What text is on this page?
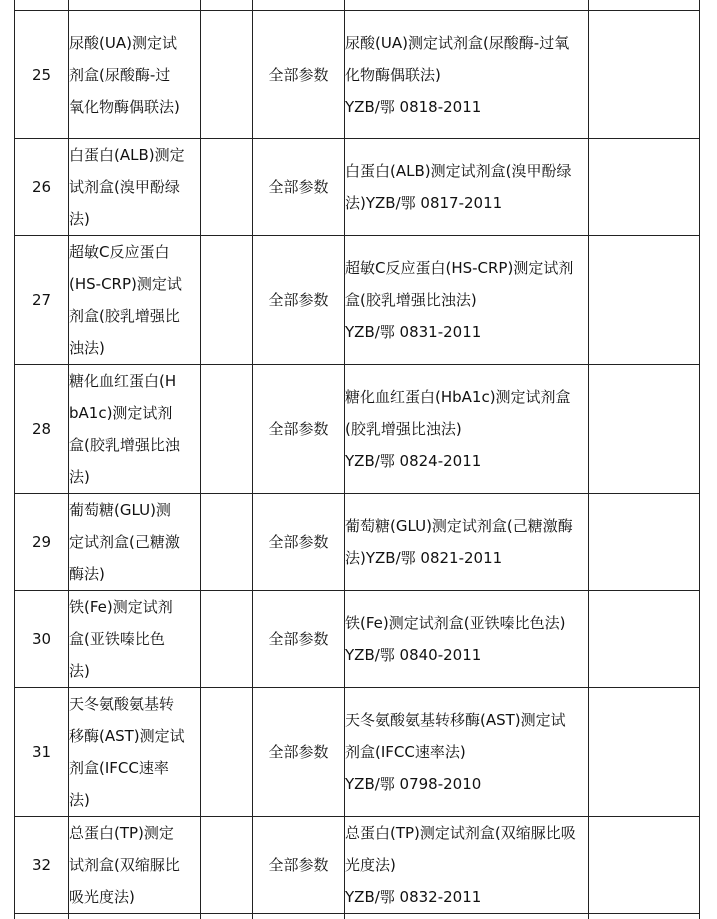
25	尿酸(UA)测定试剂盒(尿酸酶-过氧化物酶偶联法)		全部参数	尿酸(UA)测定试剂盒(尿酸酶-过氧化物酶偶联法)
YZB/鄂 0818-2011	

26	白蛋白(ALB)测定试剂盒(溴甲酚绿法)		全部参数	白蛋白(ALB)测定试剂盒(溴甲酚绿法)YZB/鄂 0817-2011	

27	超敏C反应蛋白(HS-CRP)测定试剂盒(胶乳增强比浊法)		全部参数	超敏C反应蛋白(HS-CRP)测定试剂盒(胶乳增强比浊法)
YZB/鄂 0831-2011	

28	糖化血红蛋白(HbA1c)测定试剂盒(胶乳增强比浊法)		全部参数	糖化血红蛋白(HbA1c)测定试剂盒(胶乳增强比浊法)
YZB/鄂 0824-2011	

29	葡萄糖(GLU)测定试剂盒(己糖激酶法)		全部参数	葡萄糖(GLU)测定试剂盒(己糖激酶法)YZB/鄂 0821-2011	

30	铁(Fe)测定试剂盒(亚铁嗪比色法)		全部参数	铁(Fe)测定试剂盒(亚铁嗪比色法)
YZB/鄂 0840-2011	

31	天冬氨酸氨基转移酶(AST)测定试剂盒(IFCC速率法)		全部参数	天冬氨酸氨基转移酶(AST)测定试剂盒(IFCC速率法)
YZB/鄂 0798-2010	

32	总蛋白(TP)测定试剂盒(双缩脲比吸光度法)		全部参数	总蛋白(TP)测定试剂盒(双缩脲比吸光度法)
YZB/鄂 0832-2011	
